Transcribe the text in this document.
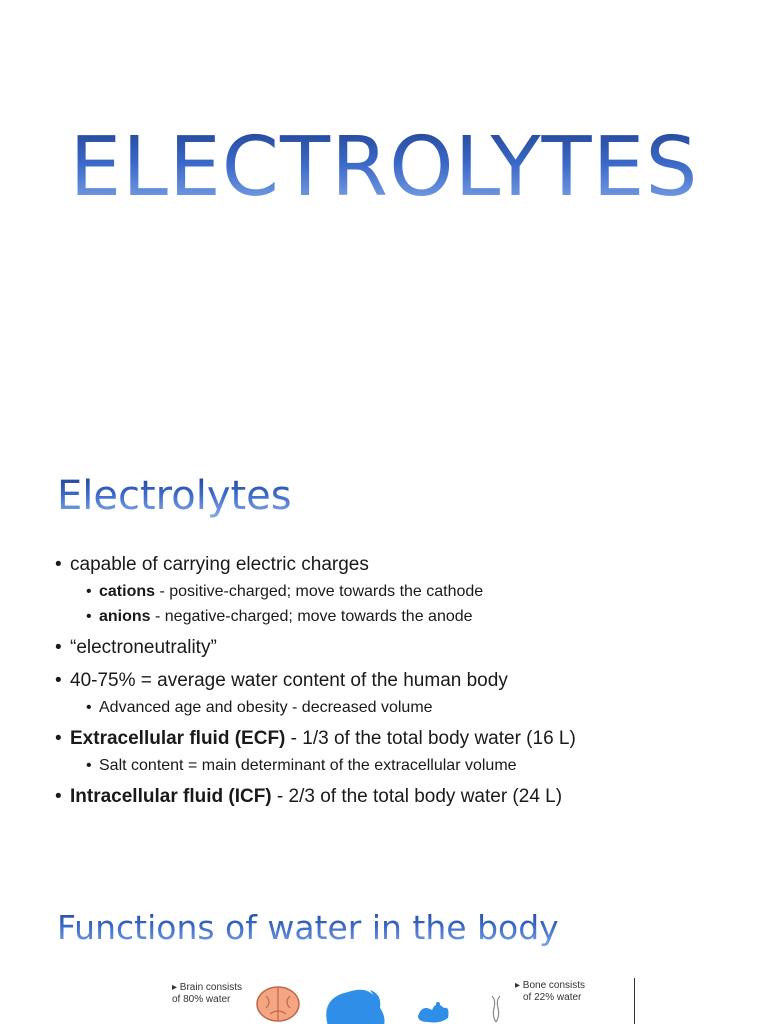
ELECTROLYTES
Electrolytes
• capable of carrying electric charges
• cations - positive-charged; move towards the cathode
• anions - negative-charged; move towards the anode
• “electroneutrality”
• 40-75% = average water content of the human body
• Advanced age and obesity - decreased volume
• Extracellular fluid (ECF) - 1/3 of the total body water (16 L)
• Salt content = main determinant of the extracellular volume
• Intracellular fluid (ICF) - 2/3 of the total body water (24 L)
Functions of water in the body
▸ Brain consists
of 80% water
▸ Bone consists
of 22% water
